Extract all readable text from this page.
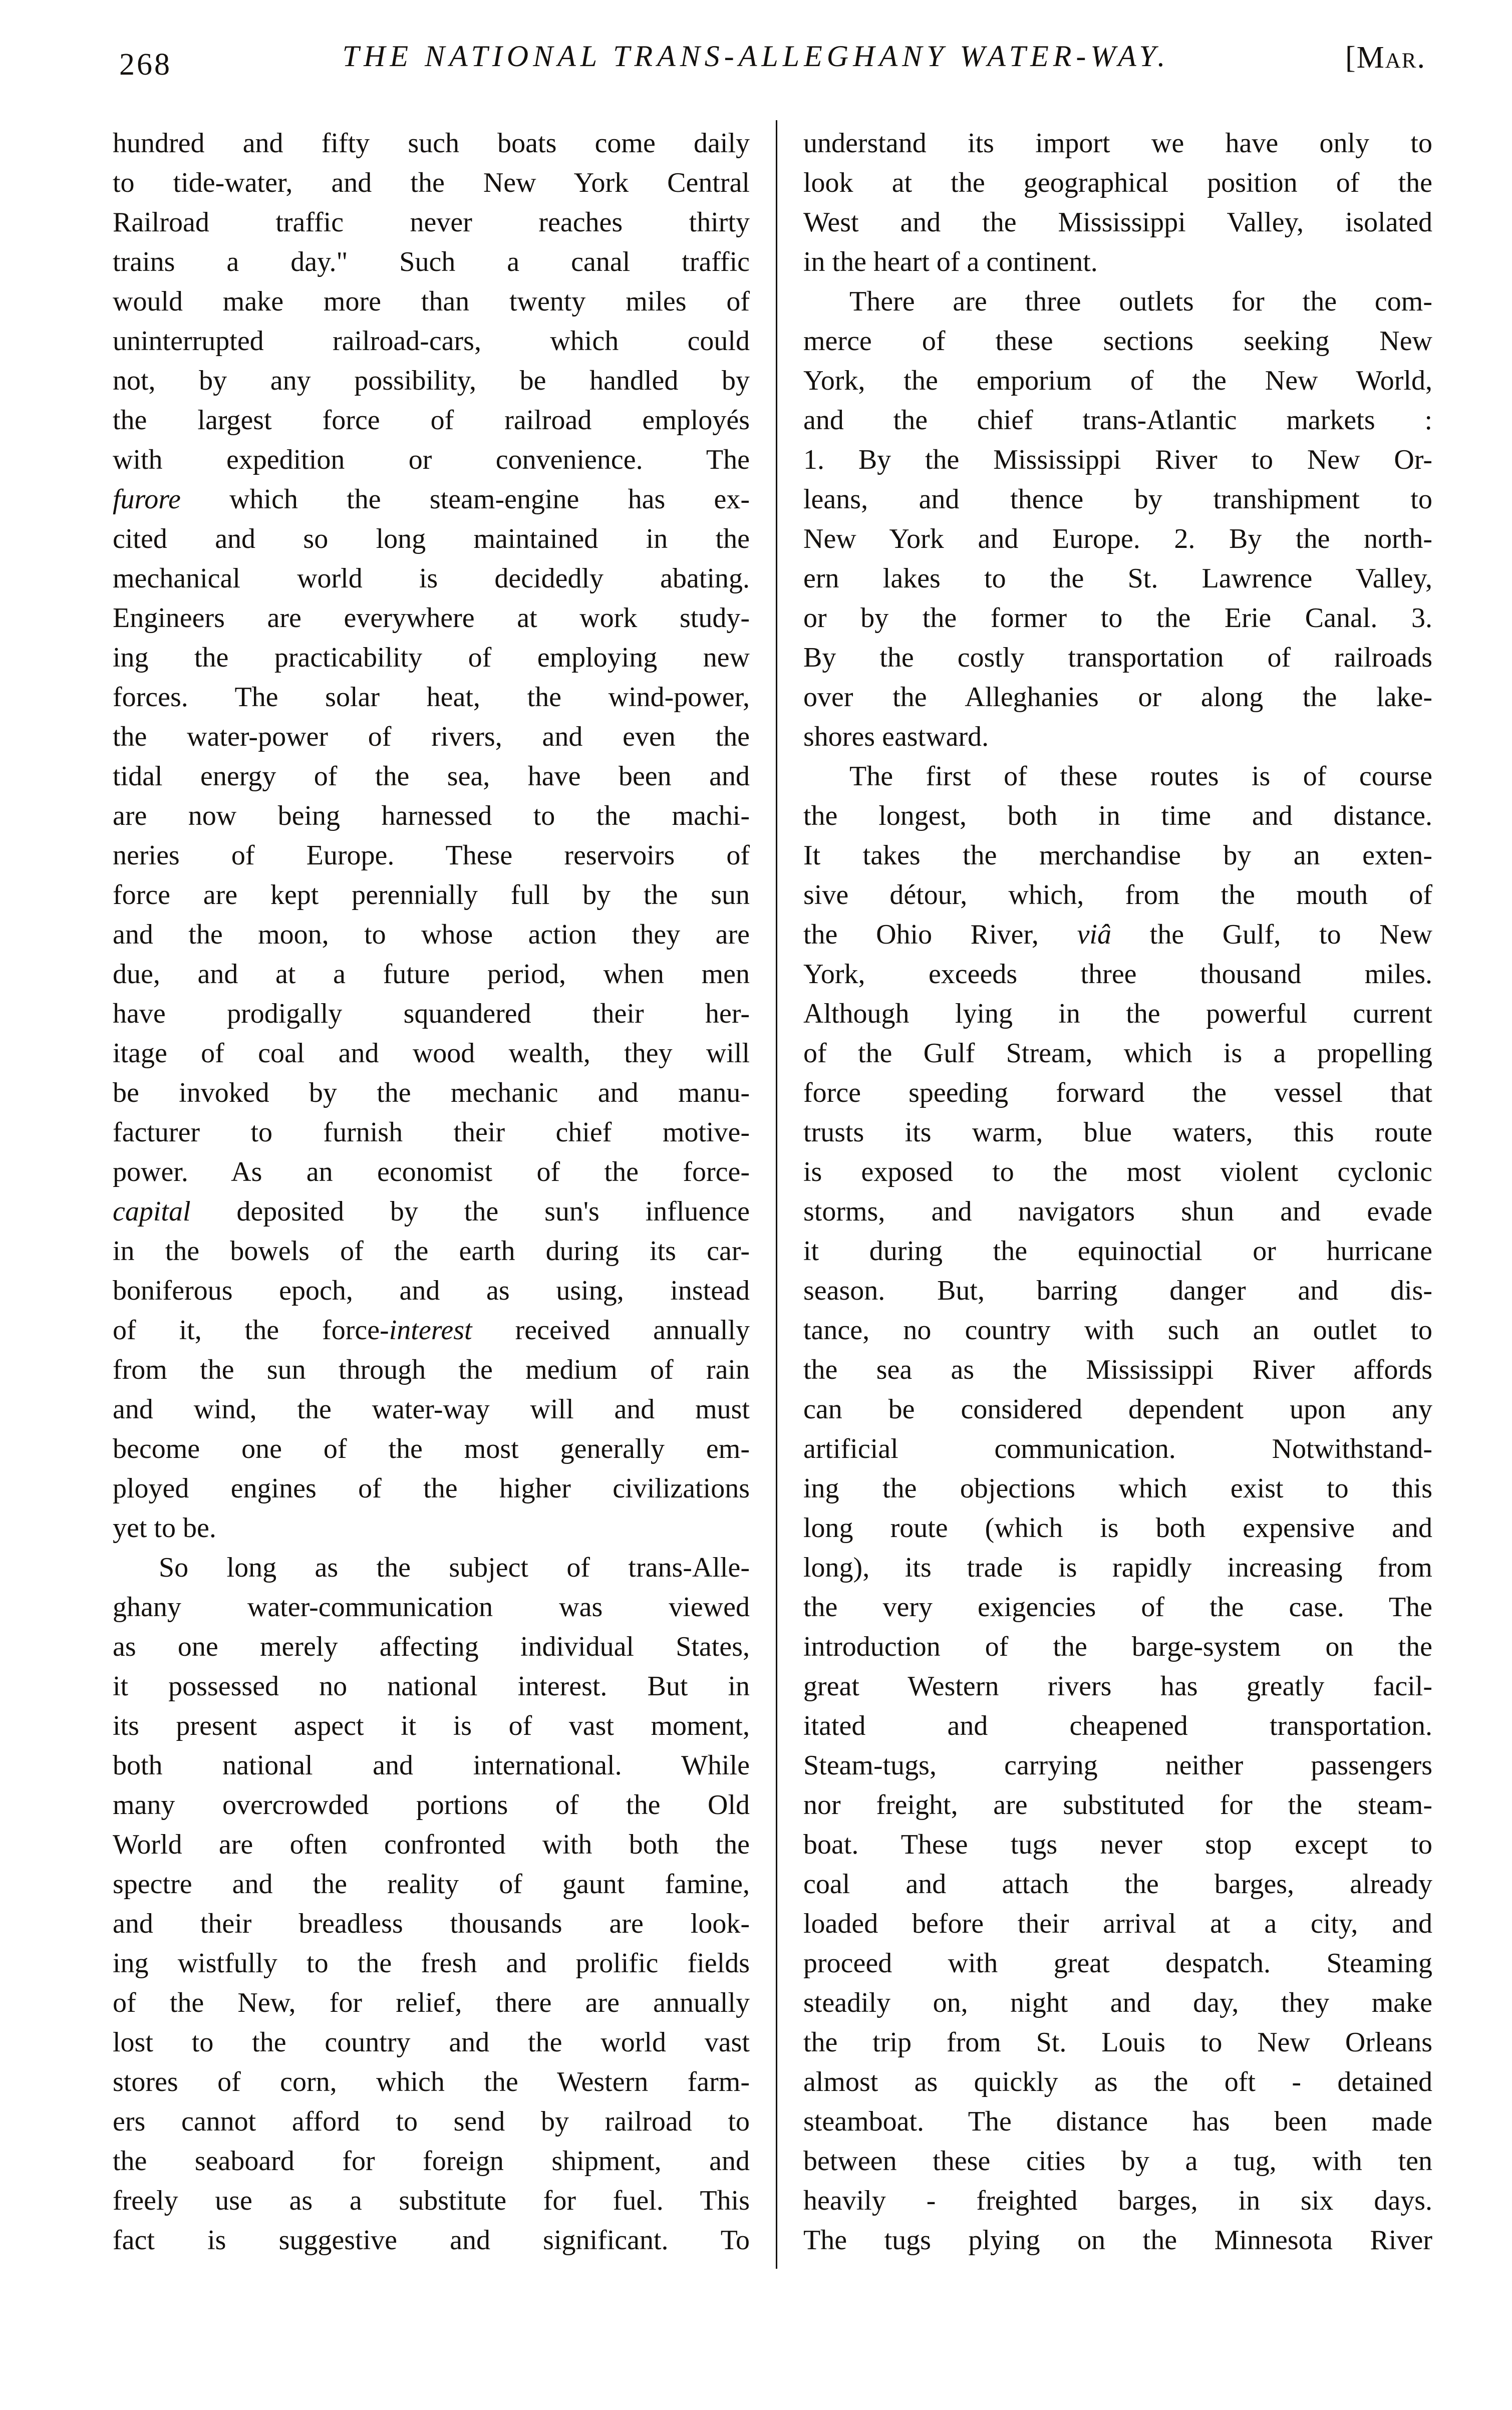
268	THE NATIONAL TRANS-ALLEGHANY WATER-WAY.	[Mar.
hundred and fifty such boats come daily
to tide-water, and the New York Central
Railroad traffic never reaches thirty
trains a day." Such a canal traffic
would make more than twenty miles of
uninterrupted railroad-cars, which could
not, by any possibility, be handled by
the largest force of railroad employés
with expedition or convenience. The
furore which the steam-engine has ex-
cited and so long maintained in the
mechanical world is decidedly abating.
Engineers are everywhere at work study-
ing the practicability of employing new
forces. The solar heat, the wind-power,
the water-power of rivers, and even the
tidal energy of the sea, have been and
are now being harnessed to the machi-
neries of Europe. These reservoirs of
force are kept perennially full by the sun
and the moon, to whose action they are
due, and at a future period, when men
have prodigally squandered their her-
itage of coal and wood wealth, they will
be invoked by the mechanic and manu-
facturer to furnish their chief motive-
power. As an economist of the force-
capital deposited by the sun's influence
in the bowels of the earth during its car-
boniferous epoch, and as using, instead
of it, the force-interest received annually
from the sun through the medium of rain
and wind, the water-way will and must
become one of the most generally em-
ployed engines of the higher civilizations
yet to be.
So long as the subject of trans-Alle-
ghany water-communication was viewed
as one merely affecting individual States,
it possessed no national interest. But in
its present aspect it is of vast moment,
both national and international. While
many overcrowded portions of the Old
World are often confronted with both the
spectre and the reality of gaunt famine,
and their breadless thousands are look-
ing wistfully to the fresh and prolific fields
of the New, for relief, there are annually
lost to the country and the world vast
stores of corn, which the Western farm-
ers cannot afford to send by railroad to
the seaboard for foreign shipment, and
freely use as a substitute for fuel. This
fact is suggestive and significant. To
understand its import we have only to
look at the geographical position of the
West and the Mississippi Valley, isolated
in the heart of a continent.
There are three outlets for the com-
merce of these sections seeking New
York, the emporium of the New World,
and the chief trans-Atlantic markets :
1. By the Mississippi River to New Or-
leans, and thence by transhipment to
New York and Europe. 2. By the north-
ern lakes to the St. Lawrence Valley,
or by the former to the Erie Canal. 3.
By the costly transportation of railroads
over the Alleghanies or along the lake-
shores eastward.
The first of these routes is of course
the longest, both in time and distance.
It takes the merchandise by an exten-
sive détour, which, from the mouth of
the Ohio River, viâ the Gulf, to New
York, exceeds three thousand miles.
Although lying in the powerful current
of the Gulf Stream, which is a propelling
force speeding forward the vessel that
trusts its warm, blue waters, this route
is exposed to the most violent cyclonic
storms, and navigators shun and evade
it during the equinoctial or hurricane
season. But, barring danger and dis-
tance, no country with such an outlet to
the sea as the Mississippi River affords
can be considered dependent upon any
artificial communication. Notwithstand-
ing the objections which exist to this
long route (which is both expensive and
long), its trade is rapidly increasing from
the very exigencies of the case. The
introduction of the barge-system on the
great Western rivers has greatly facil-
itated and cheapened transportation.
Steam-tugs, carrying neither passengers
nor freight, are substituted for the steam-
boat. These tugs never stop except to
coal and attach the barges, already
loaded before their arrival at a city, and
proceed with great despatch. Steaming
steadily on, night and day, they make
the trip from St. Louis to New Orleans
almost as quickly as the oft - detained
steamboat. The distance has been made
between these cities by a tug, with ten
heavily - freighted barges, in six days.
The tugs plying on the Minnesota River
